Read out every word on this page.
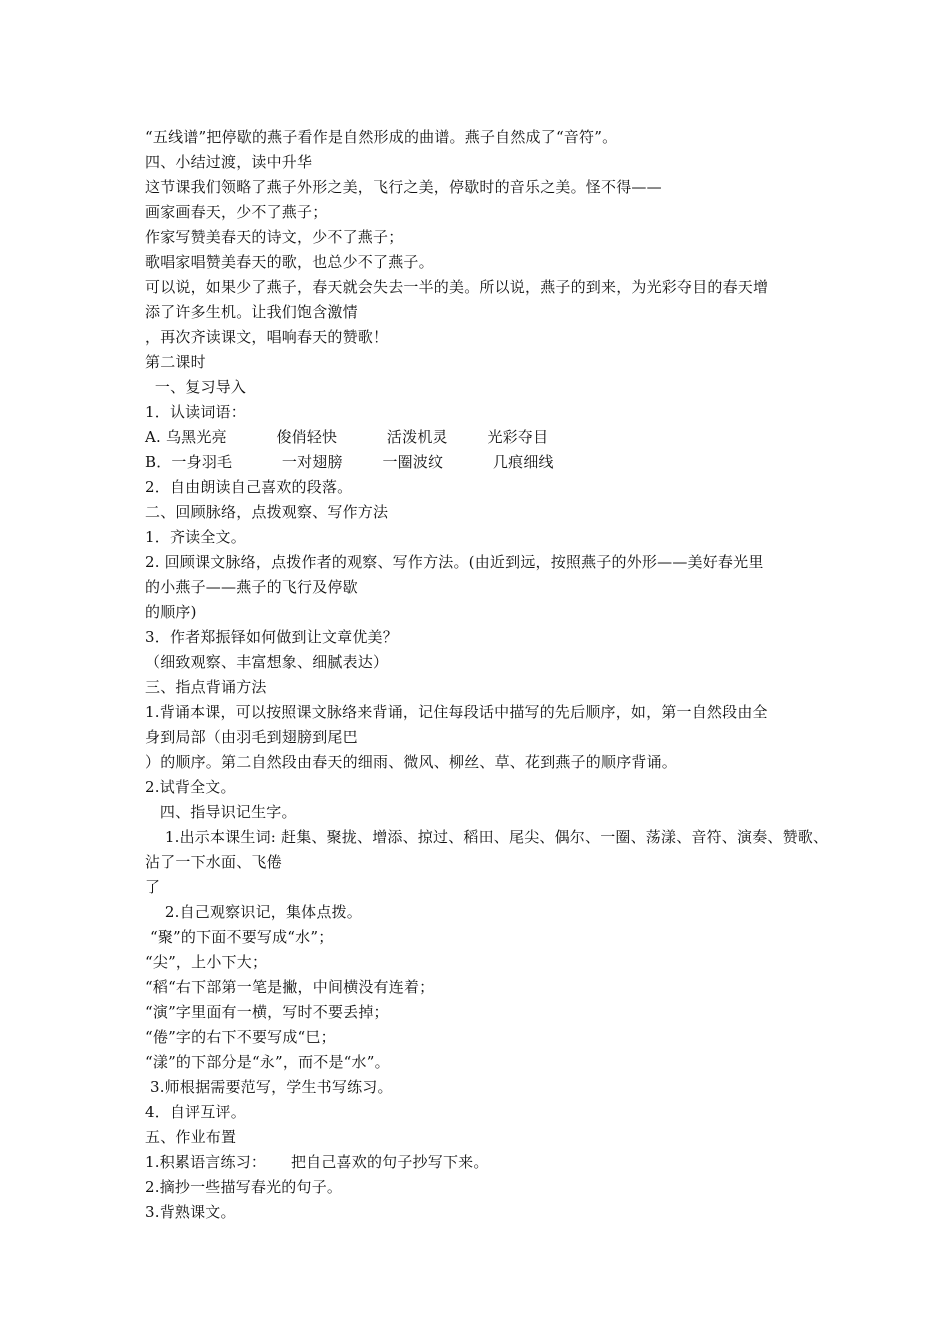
“五线谱”把停歇的燕子看作是自然形成的曲谱。燕子自然成了“音符”。
四、小结过渡，读中升华
这节课我们领略了燕子外形之美，飞行之美，停歇时的音乐之美。怪不得——
画家画春天，少不了燕子；
作家写赞美春天的诗文，少不了燕子；
歌唱家唱赞美春天的歌，也总少不了燕子。
可以说，如果少了燕子，春天就会失去一半的美。所以说，燕子的到来，为光彩夺目的春天增
添了许多生机。让我们饱含激情
，再次齐读课文，唱响春天的赞歌！
第二课时
一、复习导入
1．认读词语：
A. 乌黑光亮          俊俏轻快          活泼机灵        光彩夺目
B．一身羽毛          一对翅膀        一圈波纹          几痕细线
2．自由朗读自己喜欢的段落。
二、回顾脉络，点拨观察、写作方法
1．齐读全文。
2. 回顾课文脉络，点拨作者的观察、写作方法。(由近到远，按照燕子的外形——美好春光里
的小燕子——燕子的飞行及停歇
的顺序)
3．作者郑振铎如何做到让文章优美？
（细致观察、丰富想象、细腻表达）
三、指点背诵方法
1.背诵本课，可以按照课文脉络来背诵，记住每段话中描写的先后顺序，如，第一自然段由全
身到局部（由羽毛到翅膀到尾巴
）的顺序。第二自然段由春天的细雨、微风、柳丝、草、花到燕子的顺序背诵。
2.试背全文。
四、指导识记生字。
1.出示本课生词: 赶集、聚拢、增添、掠过、稻田、尾尖、偶尔、一圈、荡漾、音符、演奏、赞歌、
沾了一下水面、飞倦
了
2.自己观察识记，集体点拨。
“聚”的下面不要写成“水”；
“尖”，上小下大；
“稻“右下部第一笔是撇，中间横没有连着；
“演”字里面有一横，写时不要丢掉；
“倦”字的右下不要写成“巳；
“漾”的下部分是“永”，而不是“水”。
3.师根据需要范写，学生书写练习。
4．自评互评。
五、作业布置
1.积累语言练习：     把自己喜欢的句子抄写下来。
2.摘抄一些描写春光的句子。
3.背熟课文。
